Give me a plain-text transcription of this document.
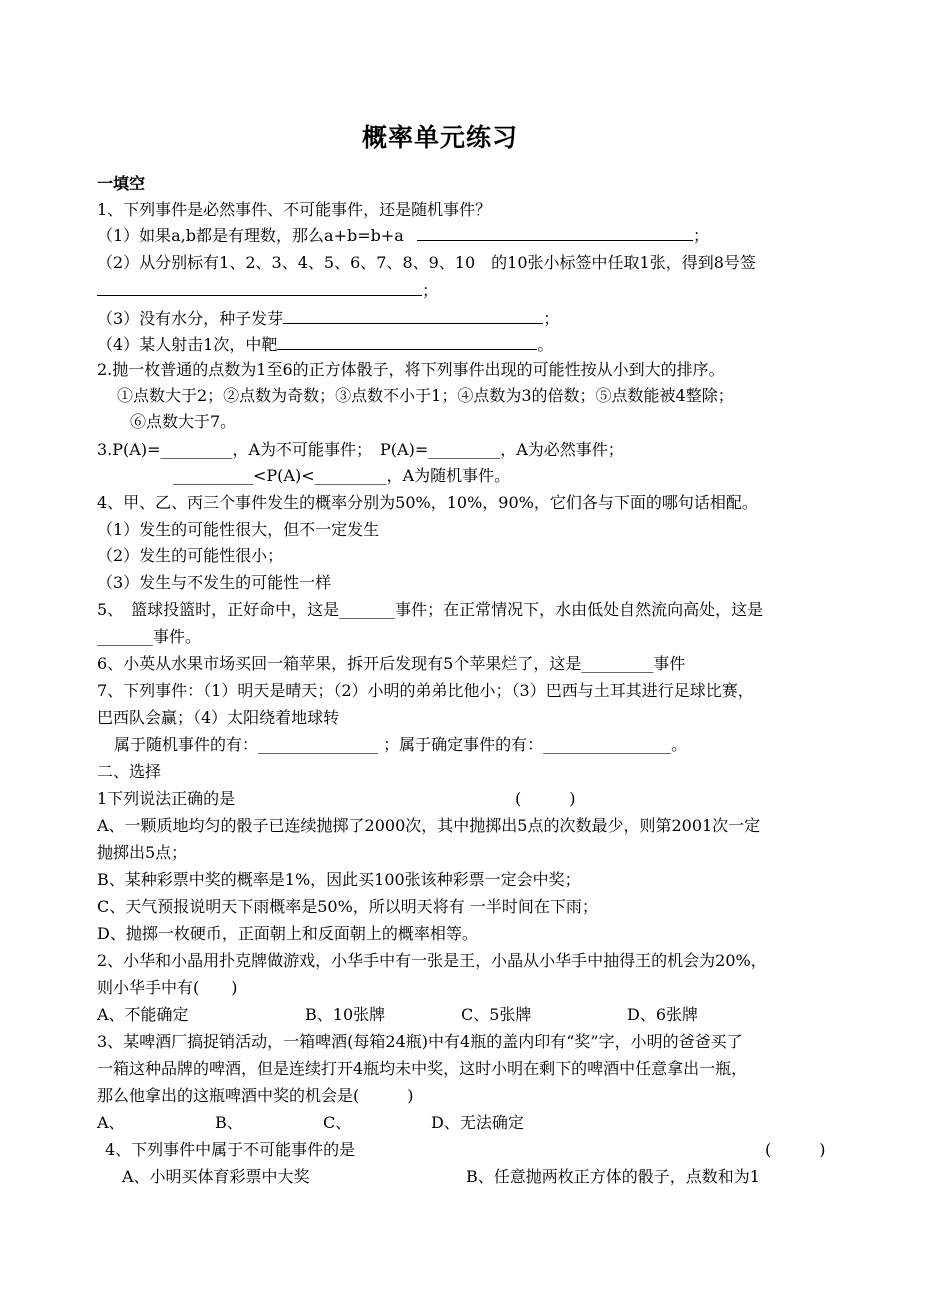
概率单元练习
一填空
1、下列事件是必然事件、不可能事件，还是随机事件？
（1）如果a,b都是有理数，那么a+b=b+a	；
（2）从分别标有1、2、3、4、5、6、7、8、9、10　的10张小标签中任取1张，得到8号签
；
（3）没有水分，种子发芽	；
（4）某人射击1次，中靶	。
2.抛一枚普通的点数为1至6的正方体骰子，将下列事件出现的可能性按从小到大的排序。
①点数大于2；②点数为奇数；③点数不小于1；④点数为3的倍数；⑤点数能被4整除；
⑥点数大于7。
3.P(A)=_________，A为不可能事件；　P(A)=_________，A为必然事件；
__________<P(A)<_________，A为随机事件。
4、甲、乙、丙三个事件发生的概率分别为50%，10%，90%，它们各与下面的哪句话相配。
（1）发生的可能性很大，但不一定发生
（2）发生的可能性很小；
（3）发生与不发生的可能性一样
5、　篮球投篮时，正好命中，这是_______事件；在正常情况下，水由低处自然流向高处，这是
_______事件。
6、小英从水果市场买回一箱苹果，拆开后发现有5个苹果烂了，这是_________事件
7、下列事件：（1）明天是晴天；（2）小明的弟弟比他小；（3）巴西与土耳其进行足球比赛，
巴西队会赢；（4）太阳绕着地球转
属于随机事件的有：_______________ ；属于确定事件的有：________________。
二、选择
1下列说法正确的是	(　　　)
A、一颗质地均匀的骰子已连续抛掷了2000次，其中抛掷出5点的次数最少，则第2001次一定
抛掷出5点；
B、某种彩票中奖的概率是1%，因此买100张该种彩票一定会中奖；
C、天气预报说明天下雨概率是50%，所以明天将有 一半时间在下雨；
D、抛掷一枚硬币，正面朝上和反面朝上的概率相等。
2、小华和小晶用扑克牌做游戏，小华手中有一张是王，小晶从小华手中抽得王的机会为20%，
则小华手中有(　　)
A、不能确定	B、10张牌	C、5张牌	D、6张牌
3、某啤酒厂搞捉销活动，一箱啤酒(每箱24瓶)中有4瓶的盖内印有“奖”字，小明的爸爸买了
一箱这种品牌的啤酒，但是连续打开4瓶均未中奖，这时小明在剩下的啤酒中任意拿出一瓶，
那么他拿出的这瓶啤酒中奖的机会是(　　　)
A、	B、	C、	D、无法确定
4、下列事件中属于不可能事件的是	(　　　)
A、小明买体育彩票中大奖	B、任意抛两枚正方体的骰子，点数和为1
